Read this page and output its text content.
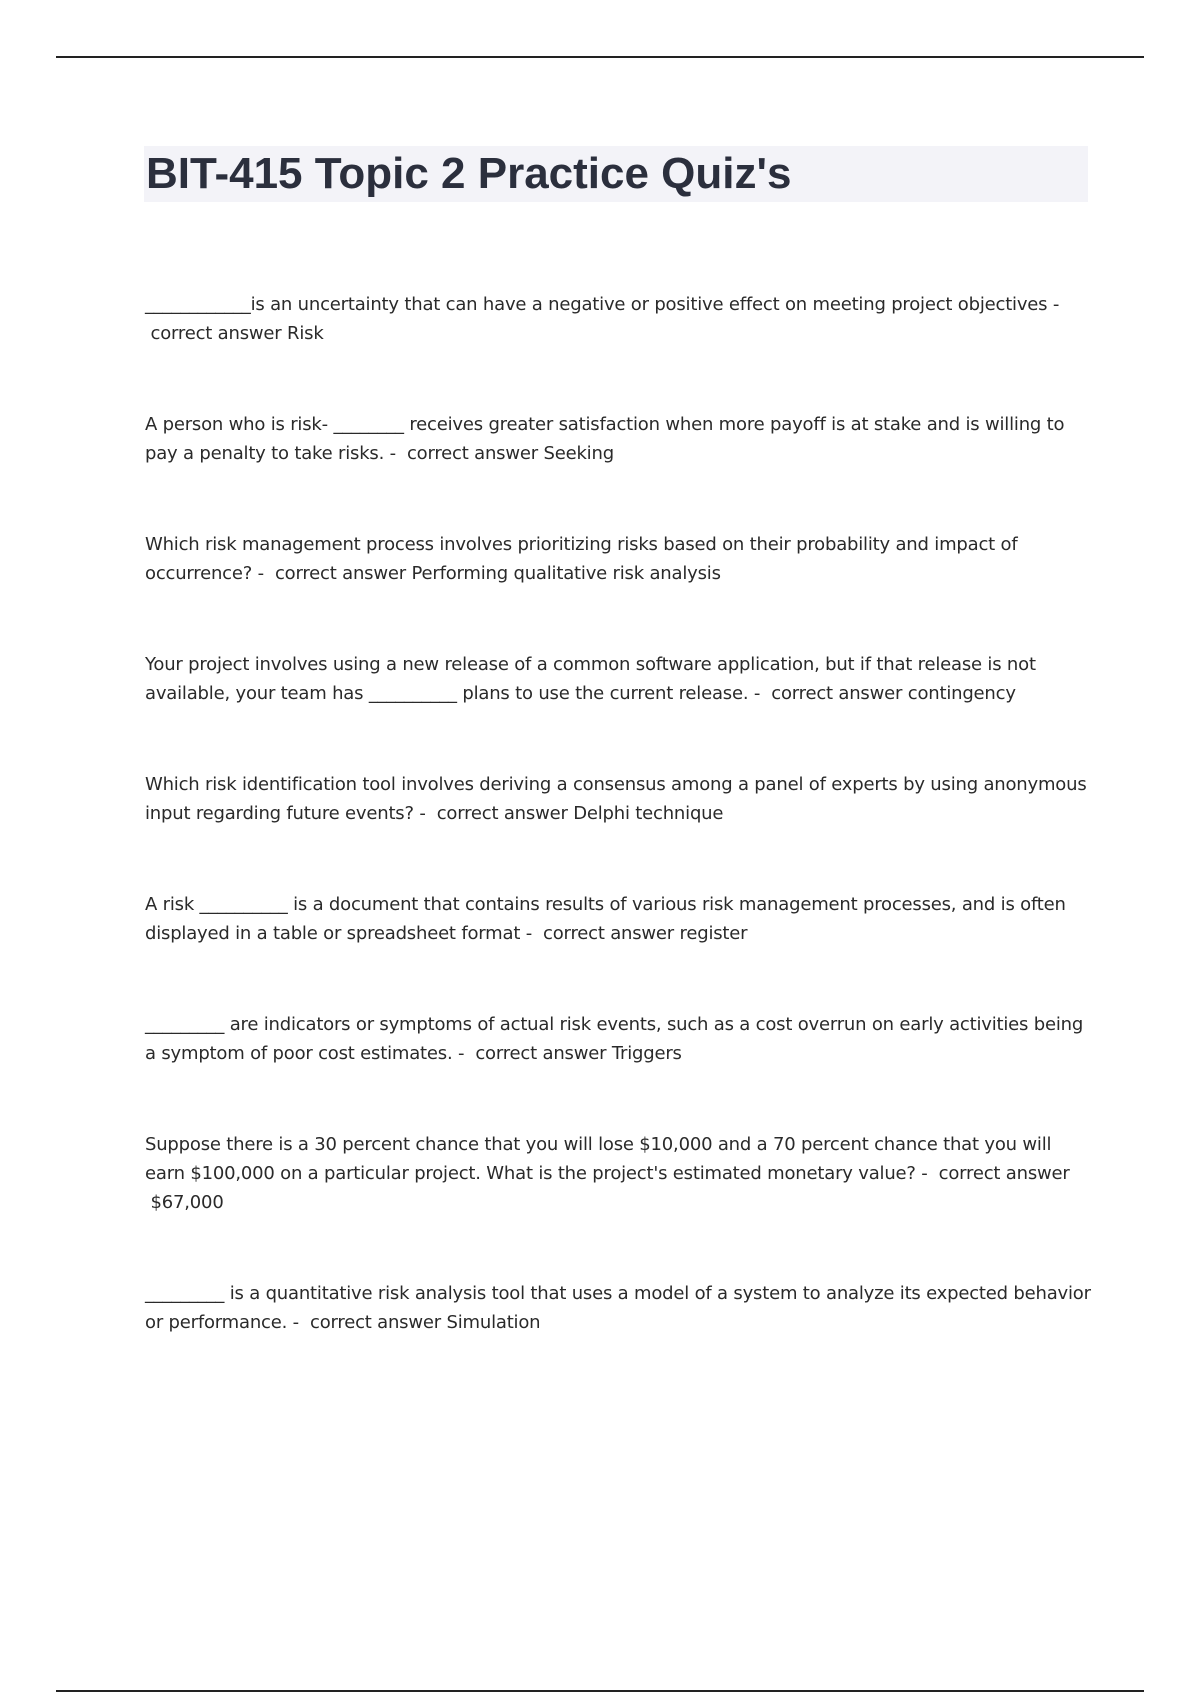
BIT-415 Topic 2 Practice Quiz's
____________is an uncertainty that can have a negative or positive effect on meeting project objectives - correct answer Risk
A person who is risk- ________ receives greater satisfaction when more payoff is at stake and is willing to pay a penalty to take risks. - correct answer Seeking
Which risk management process involves prioritizing risks based on their probability and impact of occurrence? - correct answer Performing qualitative risk analysis
Your project involves using a new release of a common software application, but if that release is not available, your team has __________ plans to use the current release. - correct answer contingency
Which risk identification tool involves deriving a consensus among a panel of experts by using anonymous input regarding future events? - correct answer Delphi technique
A risk __________ is a document that contains results of various risk management processes, and is often displayed in a table or spreadsheet format - correct answer register
_________ are indicators or symptoms of actual risk events, such as a cost overrun on early activities being a symptom of poor cost estimates. - correct answer Triggers
Suppose there is a 30 percent chance that you will lose $10,000 and a 70 percent chance that you will earn $100,000 on a particular project. What is the project's estimated monetary value? - correct answer $67,000
_________ is a quantitative risk analysis tool that uses a model of a system to analyze its expected behavior or performance. - correct answer Simulation
